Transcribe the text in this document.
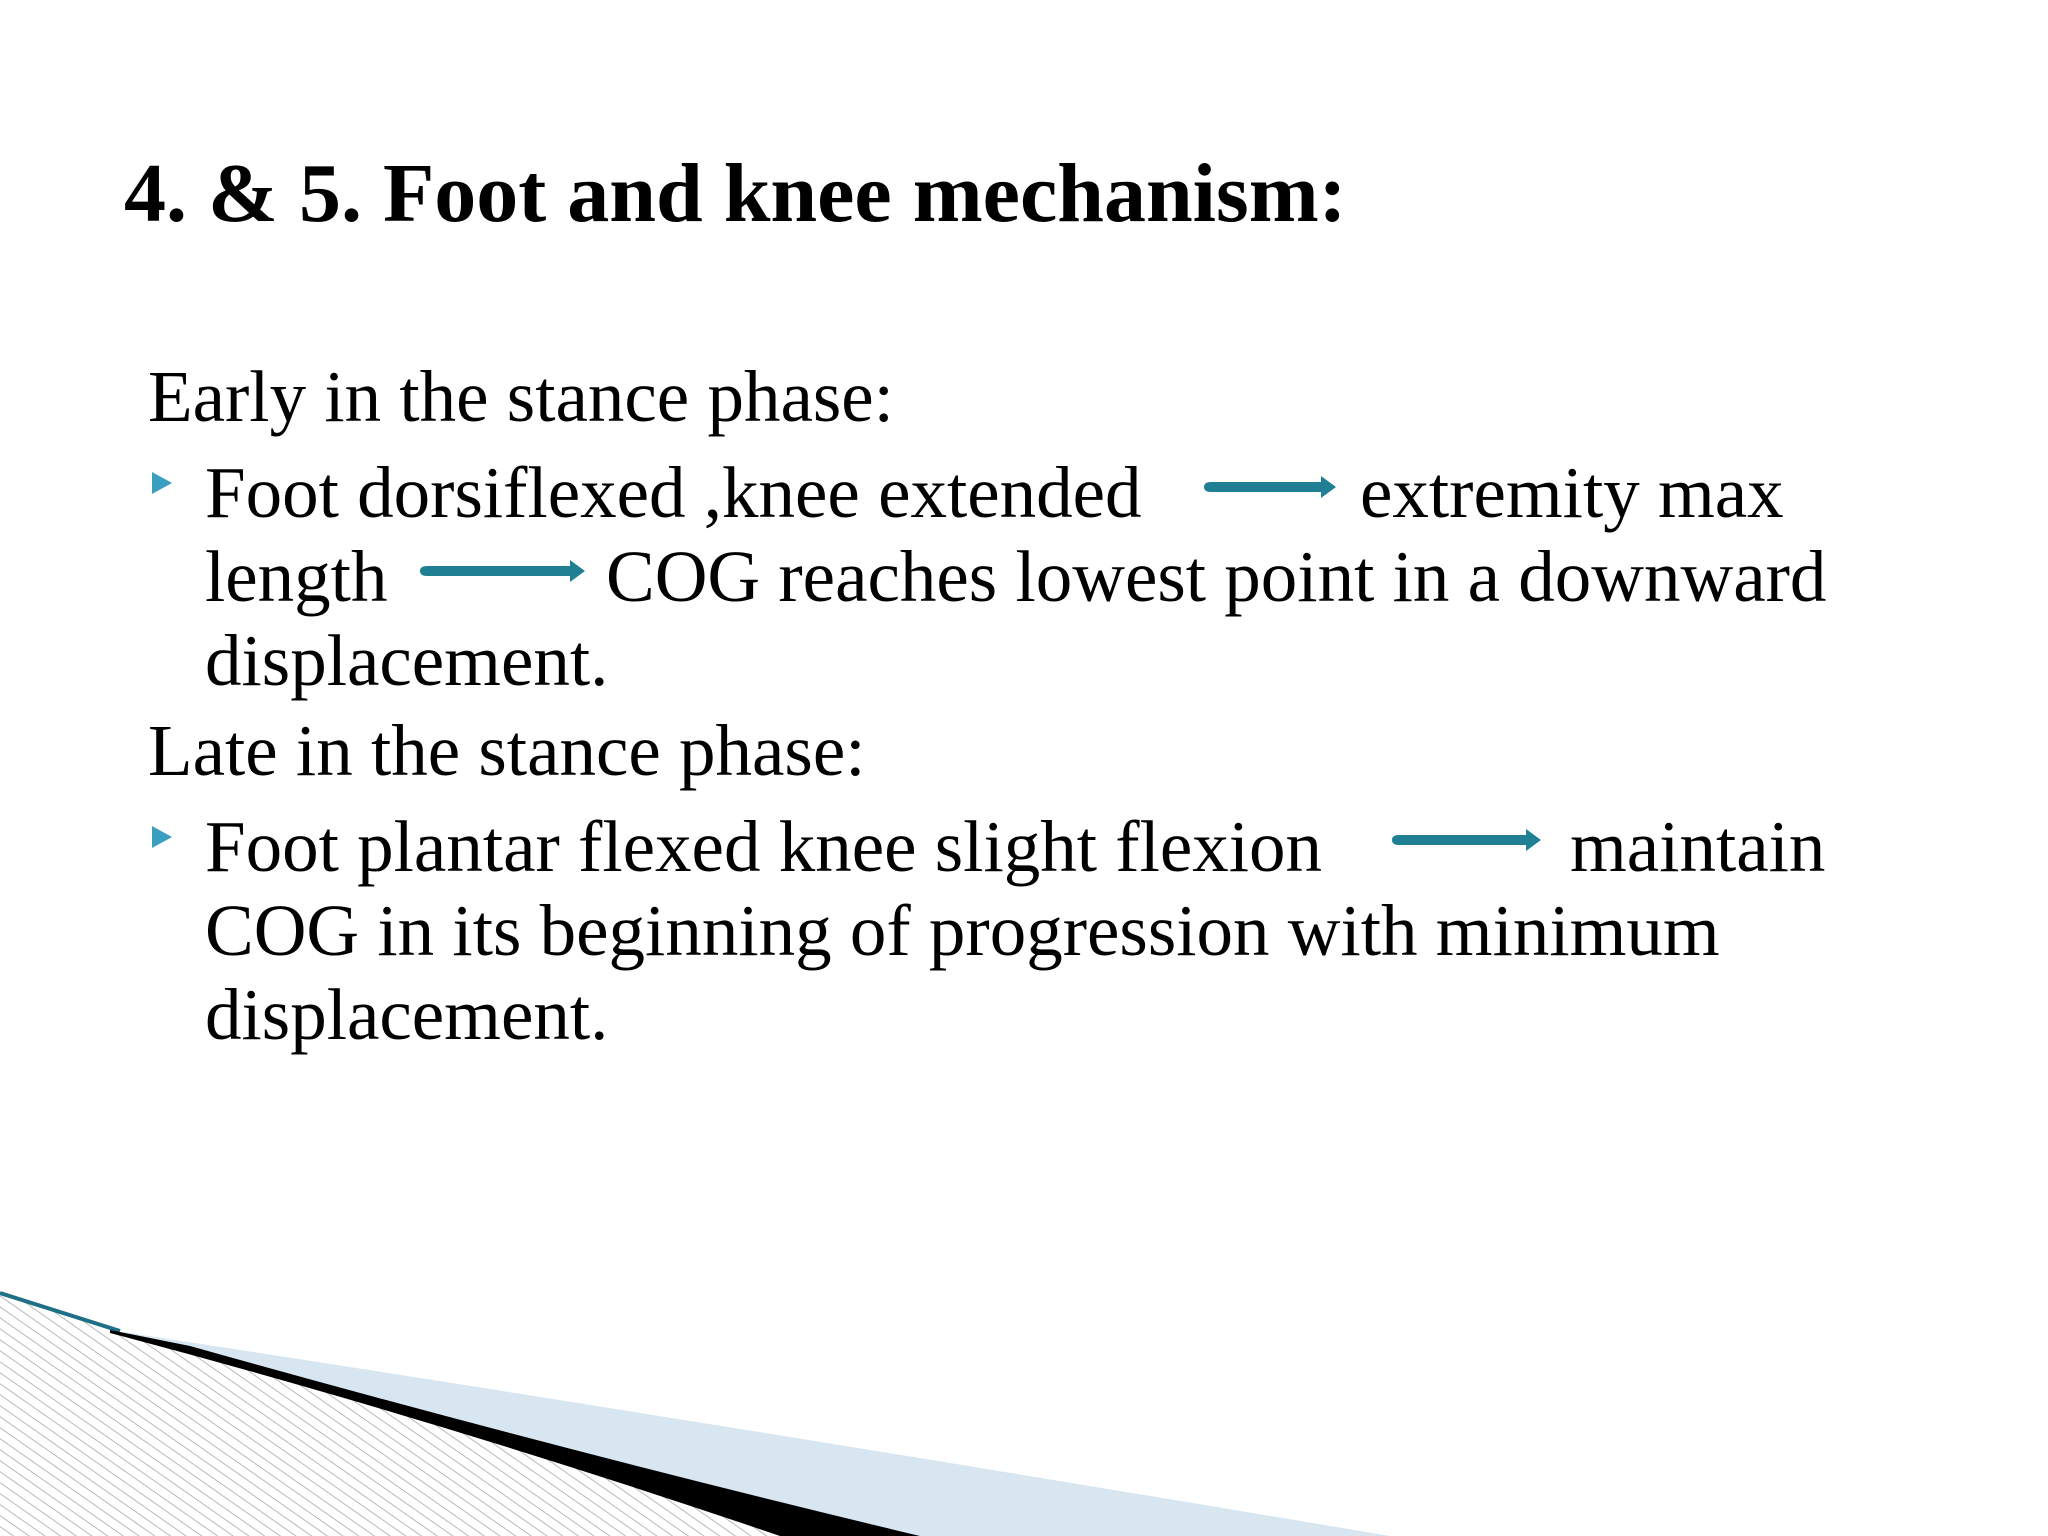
4. & 5. Foot and knee mechanism:

Early in the stance phase:

Foot dorsiflexed ,knee extended	extremity max

length	COG reaches lowest point in a downward

displacement.

Late in the stance phase:

Foot plantar flexed knee slight flexion	maintain

COG in its beginning of progression with minimum

displacement.
